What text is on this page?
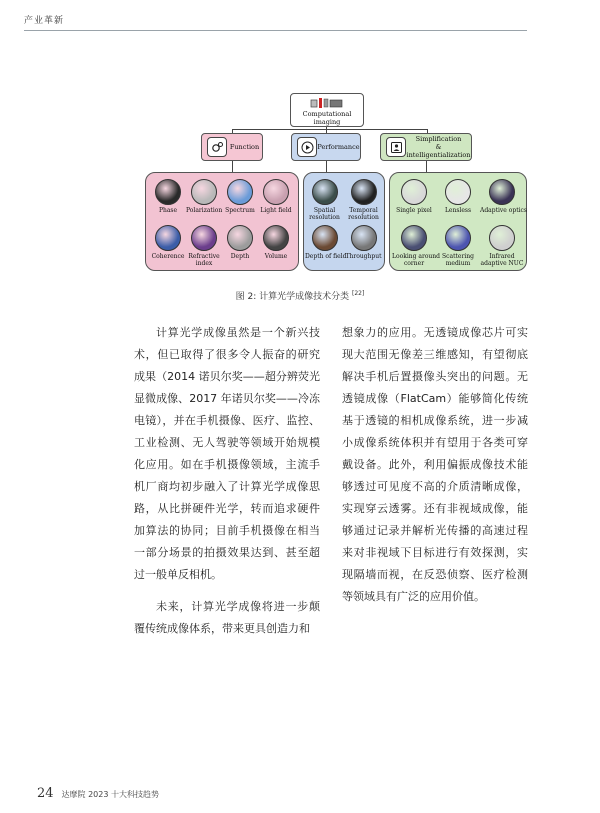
产业革新
Computational imaging
Function	Performance
Simplification
& intelligentialization
Phase	Polarization Spectrum Light field
Coherence Refractive
index
Depth	Volume
Spatial
resolution
Temporal
resolution
Depth of field Throughput
Single pixel	Lensless	Adaptive optics
Looking around
corner
Scattering
medium
Infrared
adaptive NUC
图 2: 计算光学成像技术分类 [22]

计算光学成像虽然是一个新兴技术，但已取得了很多令人振奋的研究成果（2014 诺贝尔奖——超分辨荧光显微成像、2017 年诺贝尔奖——冷冻电镜），并在手机摄像、医疗、监控、工业检测、无人驾驶等领域开始规模化应用。如在手机摄像领域，主流手机厂商均初步融入了计算光学成像思路，从比拼硬件光学，转而追求硬件加算法的协同；目前手机摄像在相当一部分场景的拍摄效果达到、甚至超过一般单反相机。

未来，计算光学成像将进一步颠覆传统成像体系，带来更具创造力和

想象力的应用。无透镜成像芯片可实现大范围无像差三维感知，有望彻底解决手机后置摄像头突出的问题。无透镜成像（FlatCam）能够简化传统基于透镜的相机成像系统，进一步减小成像系统体积并有望用于各类可穿戴设备。此外，利用偏振成像技术能够透过可见度不高的介质清晰成像，实现穿云透雾。还有非视域成像，能够通过记录并解析光传播的高速过程来对非视域下目标进行有效探测，实现隔墙而视，在反恐侦察、医疗检测等领域具有广泛的应用价值。

24 达摩院 2023 十大科技趋势
